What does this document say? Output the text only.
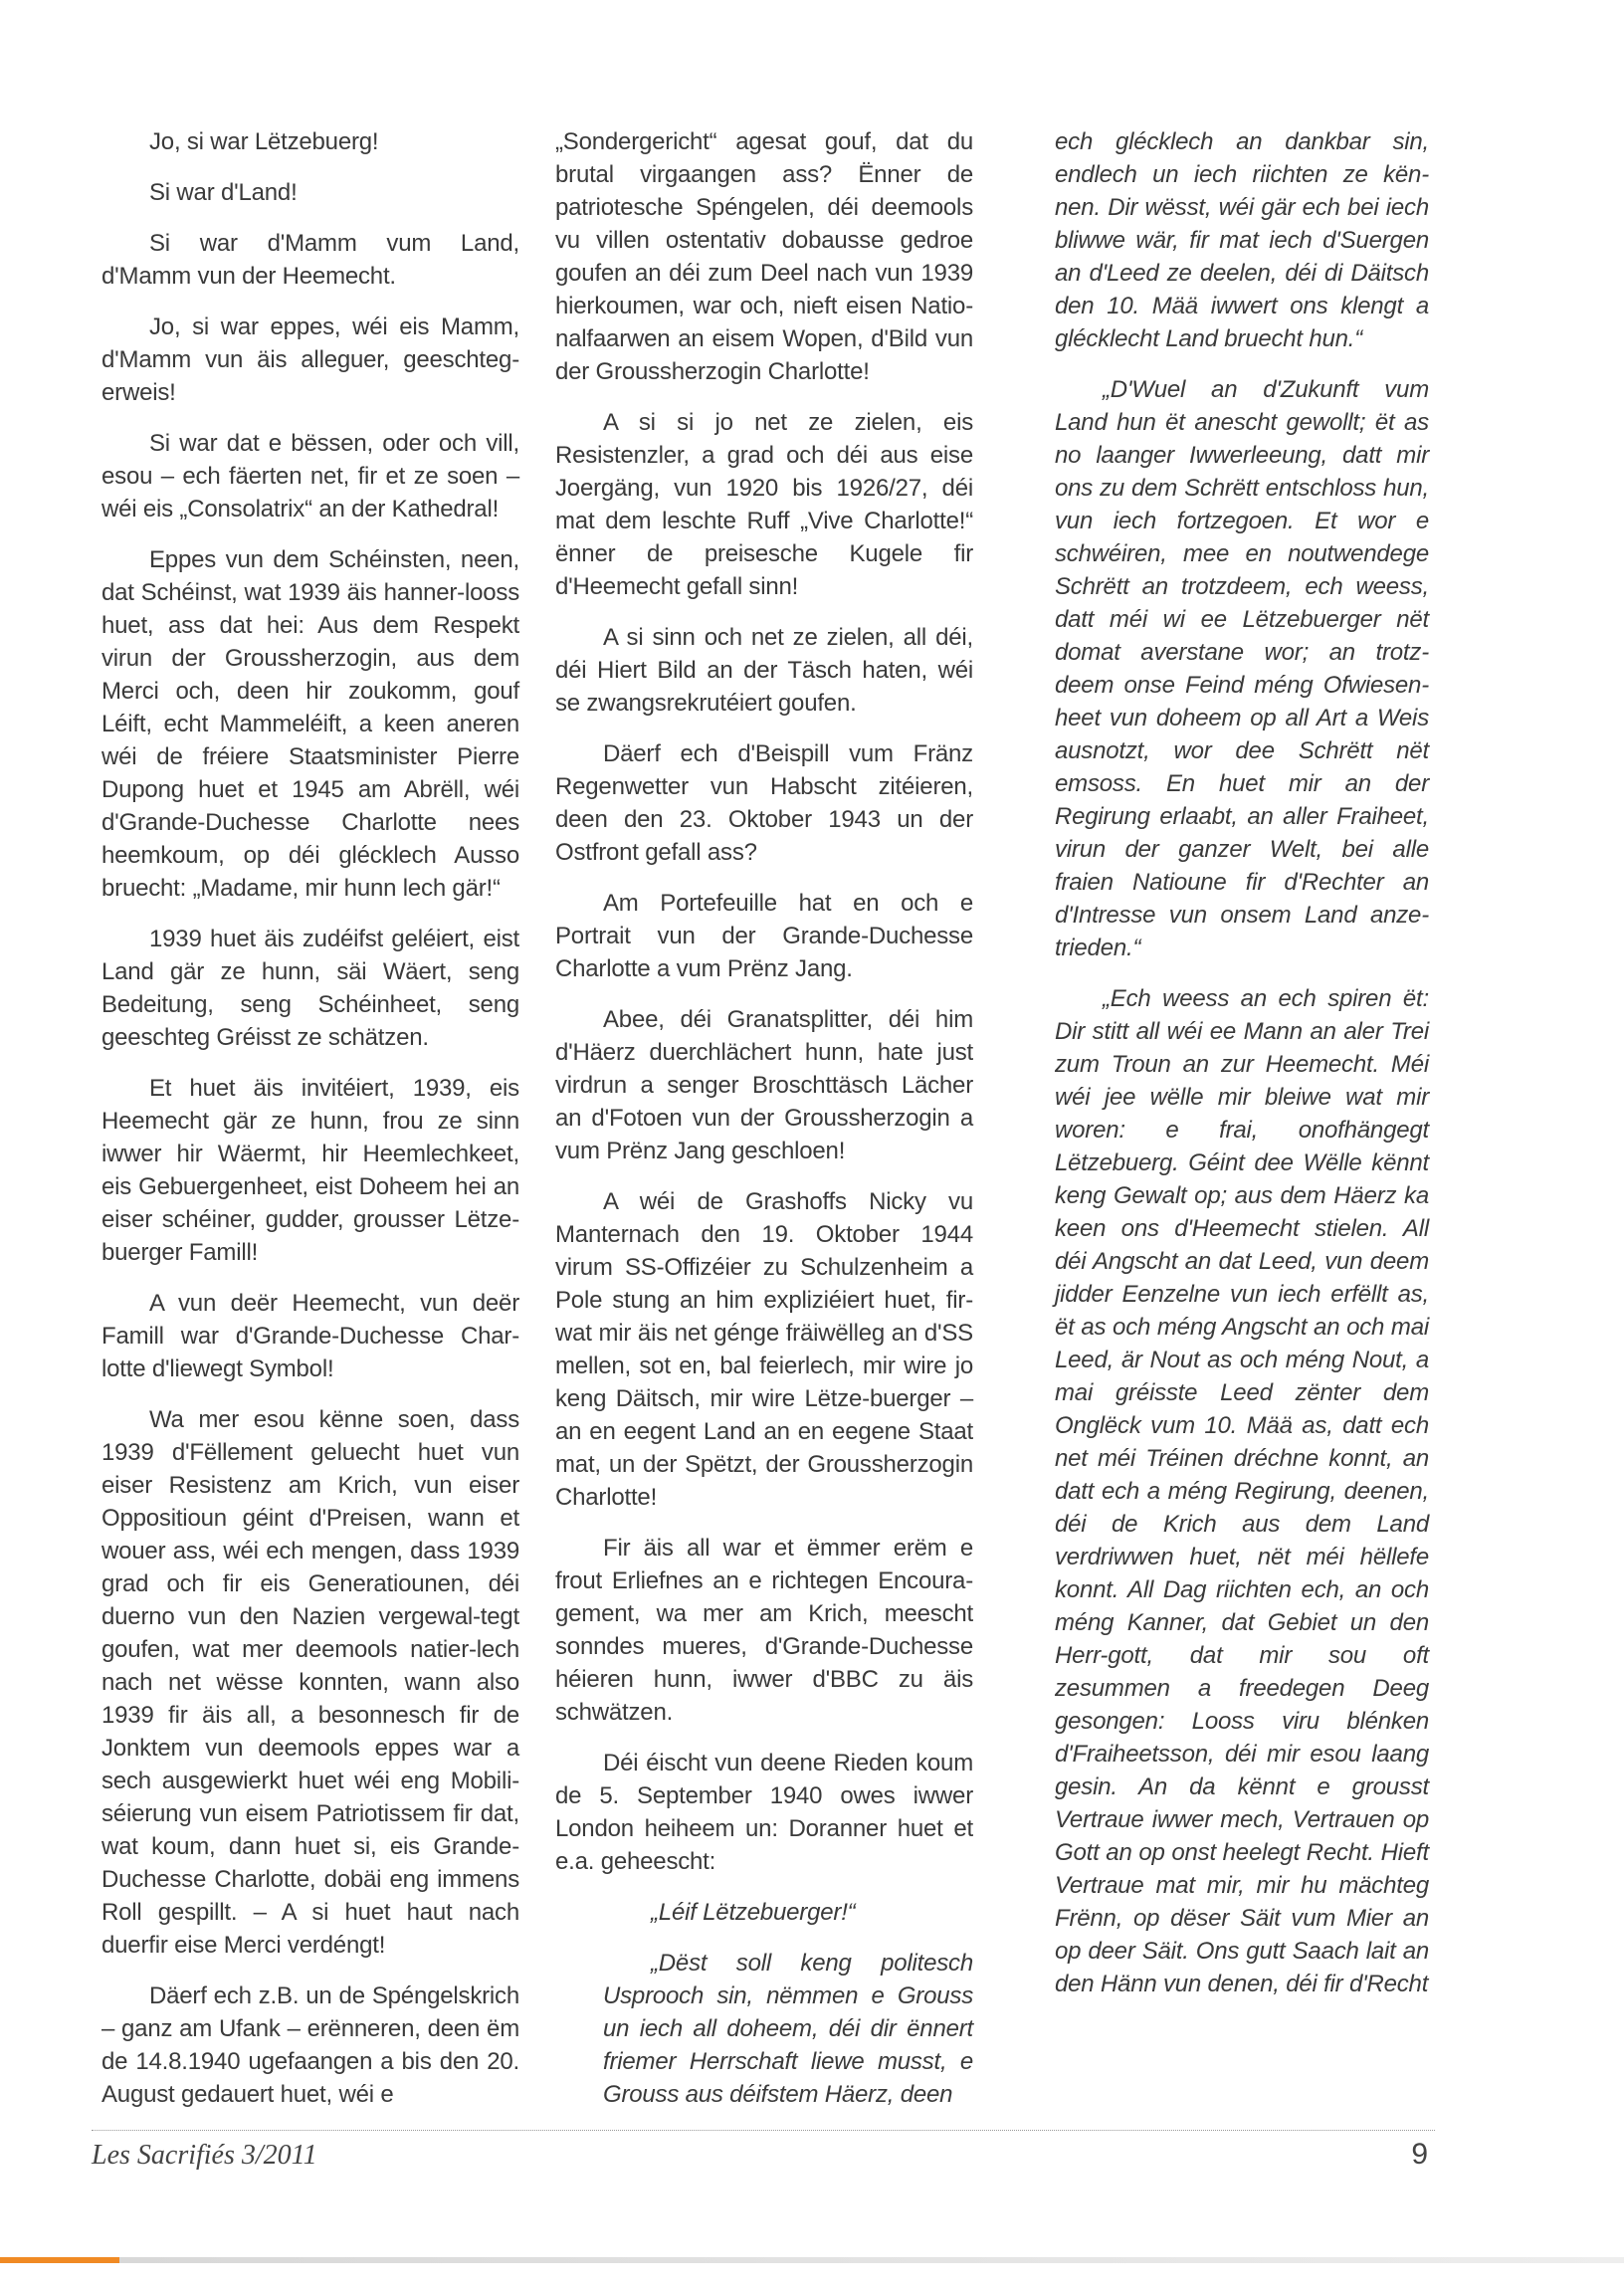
Jo, si war Lëtzebuerg!

Si war d'Land!

Si war d'Mamm vum Land, d'Mamm vun der Heemecht.

Jo, si war eppes, wéi eis Mamm, d'Mamm vun äis alleguer, geeschteg-erweis!

Si war dat e bëssen, oder och vill, esou – ech fäerten net, fir et ze soen – wéi eis „Consolatrix“ an der Kathedral!

Eppes vun dem Schéinsten, neen, dat Schéinst, wat 1939 äis hanner-looss huet, ass dat hei: Aus dem Respekt virun der Groussherzogin, aus dem Merci och, deen hir zoukomm, gouf Léift, echt Mammeléift, a keen aneren wéi de fréiere Staatsminister Pierre Dupong huet et 1945 am Abrëll, wéi d'Grande-Duchesse Charlotte nees heemkoum, op déi glécklech Ausso bruecht: „Madame, mir hunn lech gär!“

1939 huet äis zudéifst geléiert, eist Land gär ze hunn, säi Wäert, seng Bedeitung, seng Schéinheet, seng geeschteg Gréisst ze schätzen.

Et huet äis invitéiert, 1939, eis Heemecht gär ze hunn, frou ze sinn iwwer hir Wäermt, hir Heemlechkeet, eis Gebuergenheet, eist Doheem hei an eiser schéiner, gudder, grousser Lëtze-buerger Famill!

A vun deër Heemecht, vun deër Famill war d'Grande-Duchesse Char-lotte d'liewegt Symbol!

Wa mer esou kënne soen, dass 1939 d'Fëllement geluecht huet vun eiser Resistenz am Krich, vun eiser Oppositioun géint d'Preisen, wann et wouer ass, wéi ech mengen, dass 1939 grad och fir eis Generatiounen, déi duerno vun den Nazien vergewal-tegt goufen, wat mer deemools natier-lech nach net wësse konnten, wann also 1939 fir äis all, a besonnesch fir de Jonktem vun deemools eppes war a sech ausgewierkt huet wéi eng Mobili-séierung vun eisem Patriotissem fir dat, wat koum, dann huet si, eis Grande-Duchesse Charlotte, dobäi eng immens Roll gespillt. – A si huet haut nach duerfir eise Merci verdéngt!

Däerf ech z.B. un de Spéngelskrich – ganz am Ufank – erënneren, deen ëm de 14.8.1940 ugefaangen a bis den 20. August gedauert huet, wéi e

„Sondergericht“ agesat gouf, dat du brutal virgaangen ass? Ënner de patriotesche Spéngelen, déi deemools vu villen ostentativ dobausse gedroe goufen an déi zum Deel nach vun 1939 hierkoumen, war och, nieft eisen Natio-nalfaarwen an eisem Wopen, d'Bild vun der Groussherzogin Charlotte!

A si si jo net ze zielen, eis Resistenzler, a grad och déi aus eise Joergäng, vun 1920 bis 1926/27, déi mat dem leschte Ruff „Vive Charlotte!“ ënner de preisesche Kugele fir d'Heemecht gefall sinn!

A si sinn och net ze zielen, all déi, déi Hiert Bild an der Täsch haten, wéi se zwangsrekrutéiert goufen.

Däerf ech d'Beispill vum Fränz Regenwetter vun Habscht zitéieren, deen den 23. Oktober 1943 un der Ostfront gefall ass?

Am Portefeuille hat en och e Portrait vun der Grande-Duchesse Charlotte a vum Prënz Jang.

Abee, déi Granatsplitter, déi him d'Häerz duerchlächert hunn, hate just virdrun a senger Broschttäsch Lächer an d'Fotoen vun der Groussherzogin a vum Prënz Jang geschloen!

A wéi de Grashoffs Nicky vu Manternach den 19. Oktober 1944 virum SS-Offizéier zu Schulzenheim a Pole stung an him expliziéiert huet, fir-wat mir äis net génge fräiwëlleg an d'SS mellen, sot en, bal feierlech, mir wire jo keng Däitsch, mir wire Lëtze-buerger – an en eegent Land an en eegene Staat mat, un der Spëtzt, der Groussherzogin Charlotte!

Fir äis all war et ëmmer erëm e frout Erliefnes an e richtegen Encoura-gement, wa mer am Krich, meescht sonndes mueres, d'Grande-Duchesse héieren hunn, iwwer d'BBC zu äis schwätzen.

Déi éischt vun deene Rieden koum de 5. September 1940 owes iwwer London heiheem un: Doranner huet et e.a. geheescht:

„Léif Lëtzebuerger!“

„Dëst soll keng politesch Usprooch sin, nëmmen e Grouss un iech all doheem, déi dir ënnert friemer Herrschaft liewe musst, e Grouss aus déifstem Häerz, deen

ech glécklech an dankbar sin, endlech un iech riichten ze kën-nen. Dir wësst, wéi gär ech bei iech bliwwe wär, fir mat iech d'Suergen an d'Leed ze deelen, déi di Däitsch den 10. Mää iwwert ons klengt a glécklecht Land bruecht hun.“

„D'Wuel an d'Zukunft vum Land hun ët anescht gewollt; ët as no laanger Iwwerleeung, datt mir ons zu dem Schrëtt entschloss hun, vun iech fortzegoen. Et wor e schwéiren, mee en noutwendege Schrëtt an trotzdeem, ech weess, datt méi wi ee Lëtzebuerger nët domat averstane wor; an trotz-deem onse Feind méng Ofwiesen-heet vun doheem op all Art a Weis ausnotzt, wor dee Schrëtt nët emsoss. En huet mir an der Regirung erlaabt, an aller Fraiheet, virun der ganzer Welt, bei alle fraien Natioune fir d'Rechter an d'Intresse vun onsem Land anze-trieden.“

„Ech weess an ech spiren ët: Dir stitt all wéi ee Mann an aler Trei zum Troun an zur Heemecht. Méi wéi jee wëlle mir bleiwe wat mir woren: e frai, onofhängegt Lëtzebuerg. Géint dee Wëlle kënnt keng Gewalt op; aus dem Häerz ka keen ons d'Heemecht stielen. All déi Angscht an dat Leed, vun deem jidder Eenzelne vun iech erfëllt as, ët as och méng Angscht an och mai Leed, är Nout as och méng Nout, a mai gréisste Leed zënter dem Onglëck vum 10. Mää as, datt ech net méi Tréinen dréchne konnt, an datt ech a méng Regirung, deenen, déi de Krich aus dem Land verdriwwen huet, nët méi hëllefe konnt. All Dag riichten ech, an och méng Kanner, dat Gebiet un den Herr-gott, dat mir sou oft zesummen a freedegen Deeg gesongen: Looss viru blénken d'Fraiheetsson, déi mir esou laang gesin. An da kënnt e grousst Vertraue iwwer mech, Vertrauen op Gott an op onst heelegt Recht. Hieft Vertraue mat mir, mir hu mächteg Frënn, op dëser Säit vum Mier an op deer Säit. Ons gutt Saach lait an den Hänn vun denen, déi fir d'Recht

Les Sacrifiés 3/2011	9
